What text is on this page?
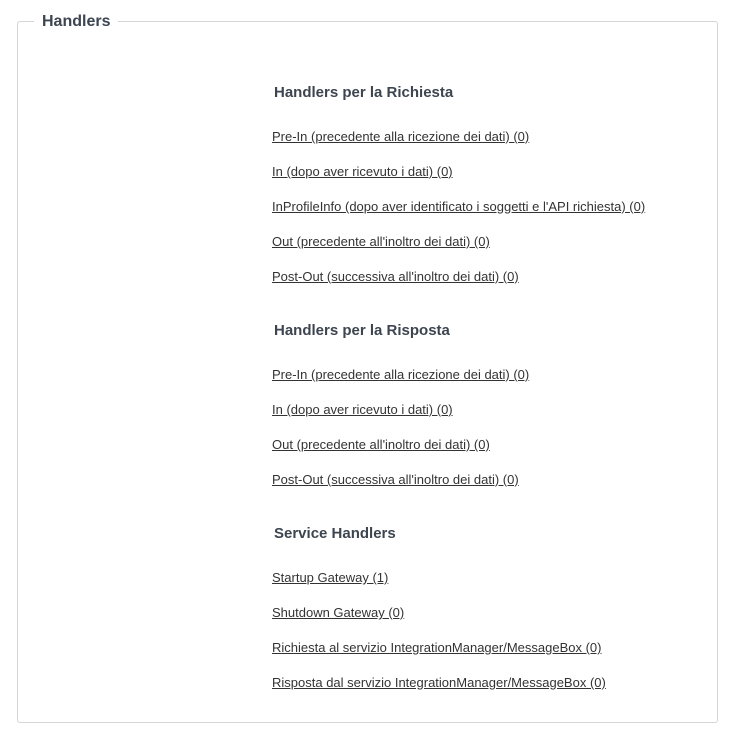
Handlers
Handlers per la Richiesta
Pre-In (precedente alla ricezione dei dati) (0)
In (dopo aver ricevuto i dati) (0)
InProfileInfo (dopo aver identificato i soggetti e l'API richiesta) (0)
Out (precedente all'inoltro dei dati) (0)
Post-Out (successiva all'inoltro dei dati) (0)
Handlers per la Risposta
Pre-In (precedente alla ricezione dei dati) (0)
In (dopo aver ricevuto i dati) (0)
Out (precedente all'inoltro dei dati) (0)
Post-Out (successiva all'inoltro dei dati) (0)
Service Handlers
Startup Gateway (1)
Shutdown Gateway (0)
Richiesta al servizio IntegrationManager/MessageBox (0)
Risposta dal servizio IntegrationManager/MessageBox (0)
